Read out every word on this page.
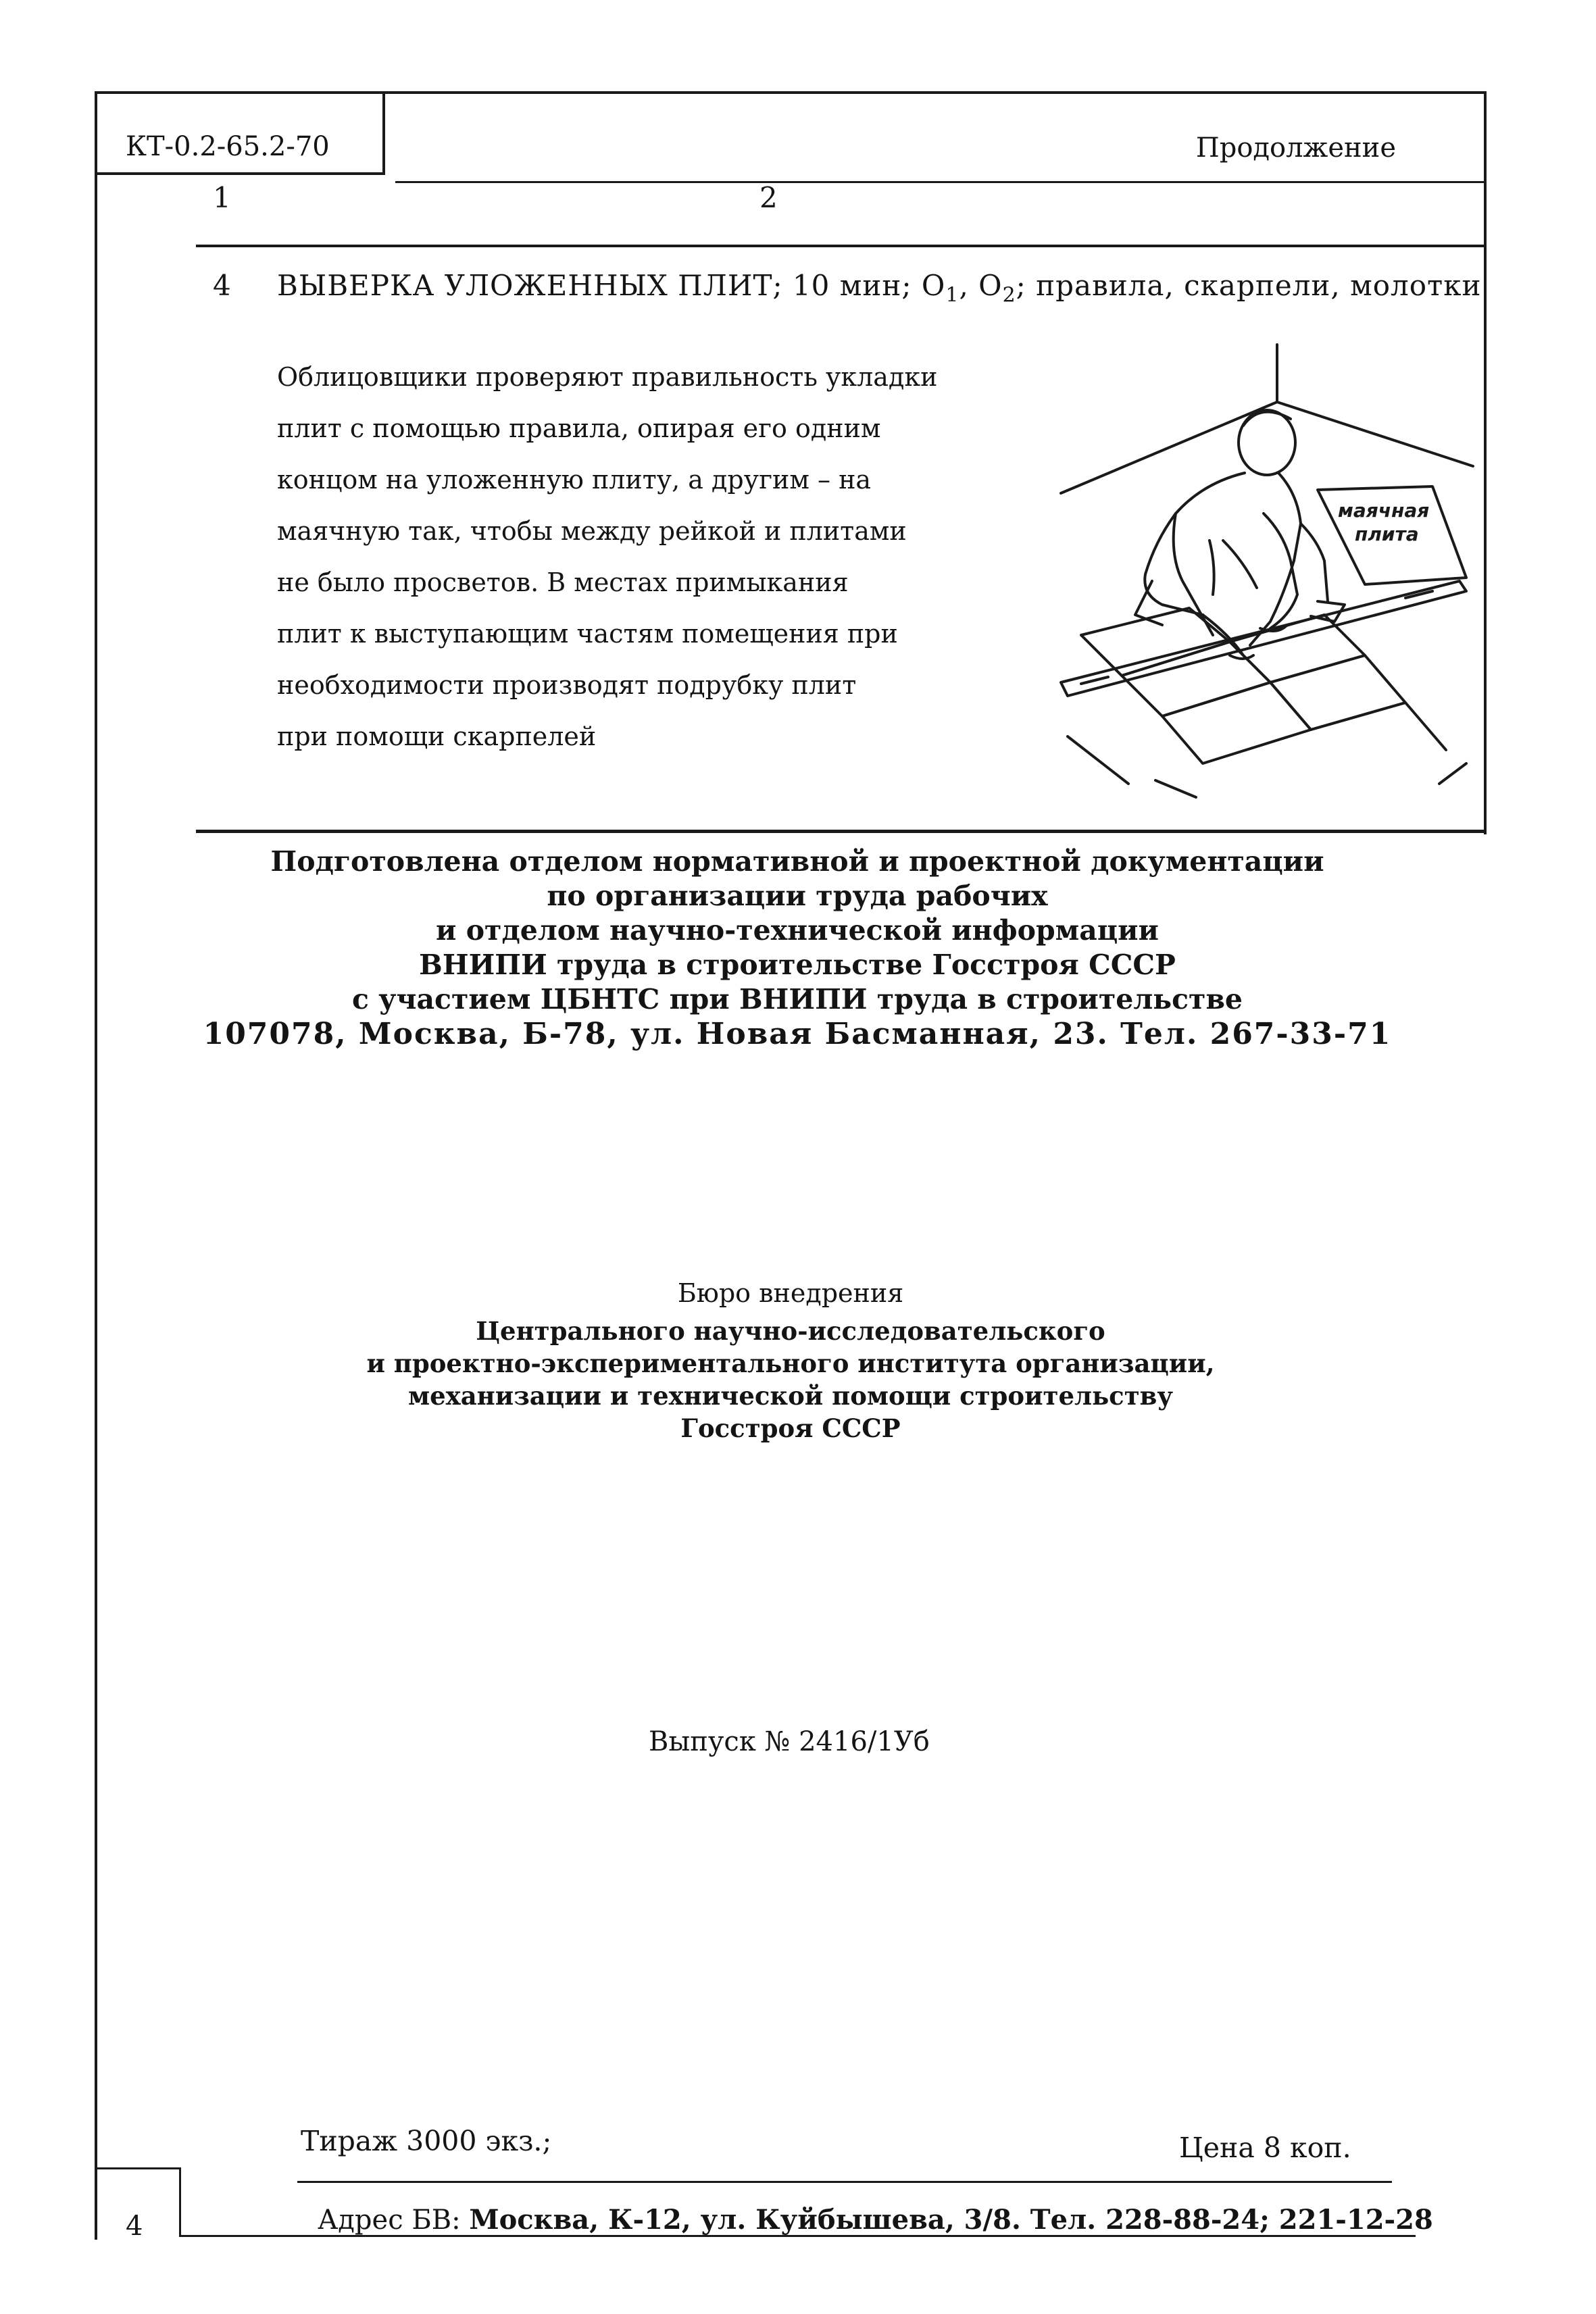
КТ-0.2-65.2-70	Продолжение
1	2
4 ВЫВЕРКА УЛОЖЕННЫХ ПЛИТ; 10 мин; $О_1$, $О_2$; правила, скарпели, молотки
Облицовщики проверяют правильность укладки
плит с помощью правила, опирая его одним
концом на уложенную плиту, а другим – на
маячную так, чтобы между рейкой и плитами
не было просветов. В местах примыкания
плит к выступающим частям помещения при
необходимости производят подрубку плит
при помощи скарпелей
маячная
плита
Подготовлена отделом нормативной и проектной документации
по организации труда рабочих
и отделом научно-технической информации
ВНИПИ труда в строительстве Госстроя СССР
с участием ЦБНТС при ВНИПИ труда в строительстве
107078, Москва, Б-78, ул. Новая Басманная, 23. Тел. 267-33-71
Бюро внедрения
Центрального научно-исследовательского
и проектно-экспериментального института организации,
механизации и технической помощи строительству
Госстроя СССР
Выпуск № 2416/1Уб
Тираж 3000 экз.;	Цена 8 коп.
Адрес БВ: Москва, К-12, ул. Куйбышева, 3/8. Тел. 228-88-24; 221-12-28
4
